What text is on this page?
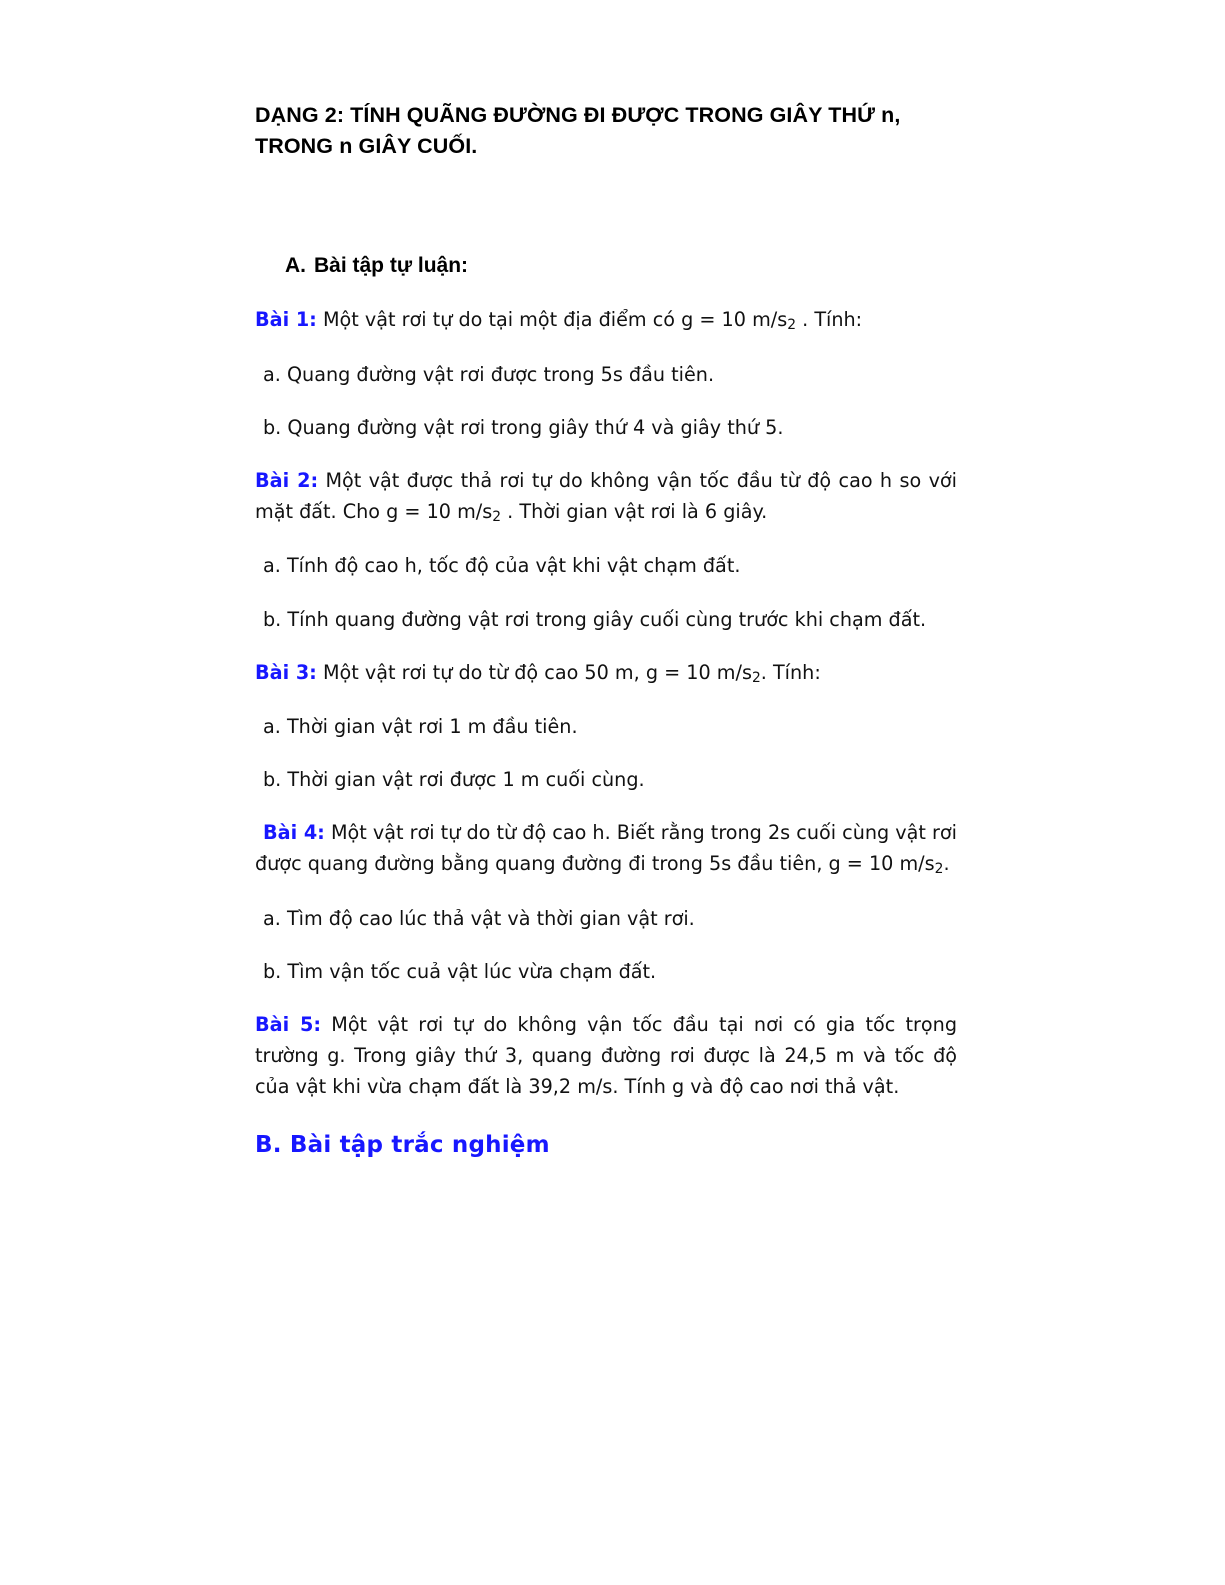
DẠNG 2: TÍNH QUÃNG ĐƯỜNG ĐI ĐƯỢC TRONG GIÂY THỨ n,
TRONG n GIÂY CUỐI.
A. Bài tập tự luận:

Bài 1: Một vật rơi tự do tại một địa điểm có g = 10 $m/s_2$ . Tính:

a. Quang đường vật rơi được trong 5s đầu tiên.

b. Quang đường vật rơi trong giây thứ 4 và giây thứ 5.

Bài 2: Một vật được thả rơi tự do không vận tốc đầu từ độ cao h so với mặt đất. Cho g = 10 $m/s_2$ . Thời gian vật rơi là 6 giây.

a. Tính độ cao h, tốc độ của vật khi vật chạm đất.

b. Tính quang đường vật rơi trong giây cuối cùng trước khi chạm đất.

Bài 3: Một vật rơi tự do từ độ cao 50 m, g = 10 $m/s_2$. Tính:

a. Thời gian vật rơi 1 m đầu tiên.

b. Thời gian vật rơi được 1 m cuối cùng.

Bài 4: Một vật rơi tự do từ độ cao h. Biết rằng trong 2s cuối cùng vật rơi được quang đường bằng quang đường đi trong 5s đầu tiên, g = 10 $m/s_2$.

a. Tìm độ cao lúc thả vật và thời gian vật rơi.

b. Tìm vận tốc cuả vật lúc vừa chạm đất.

Bài 5: Một vật rơi tự do không vận tốc đầu tại nơi có gia tốc trọng trường g. Trong giây thứ 3, quang đường rơi được là 24,5 m và tốc độ của vật khi vừa chạm đất là 39,2 m/s. Tính g và độ cao nơi thả vật.

B. Bài tập trắc nghiệm
